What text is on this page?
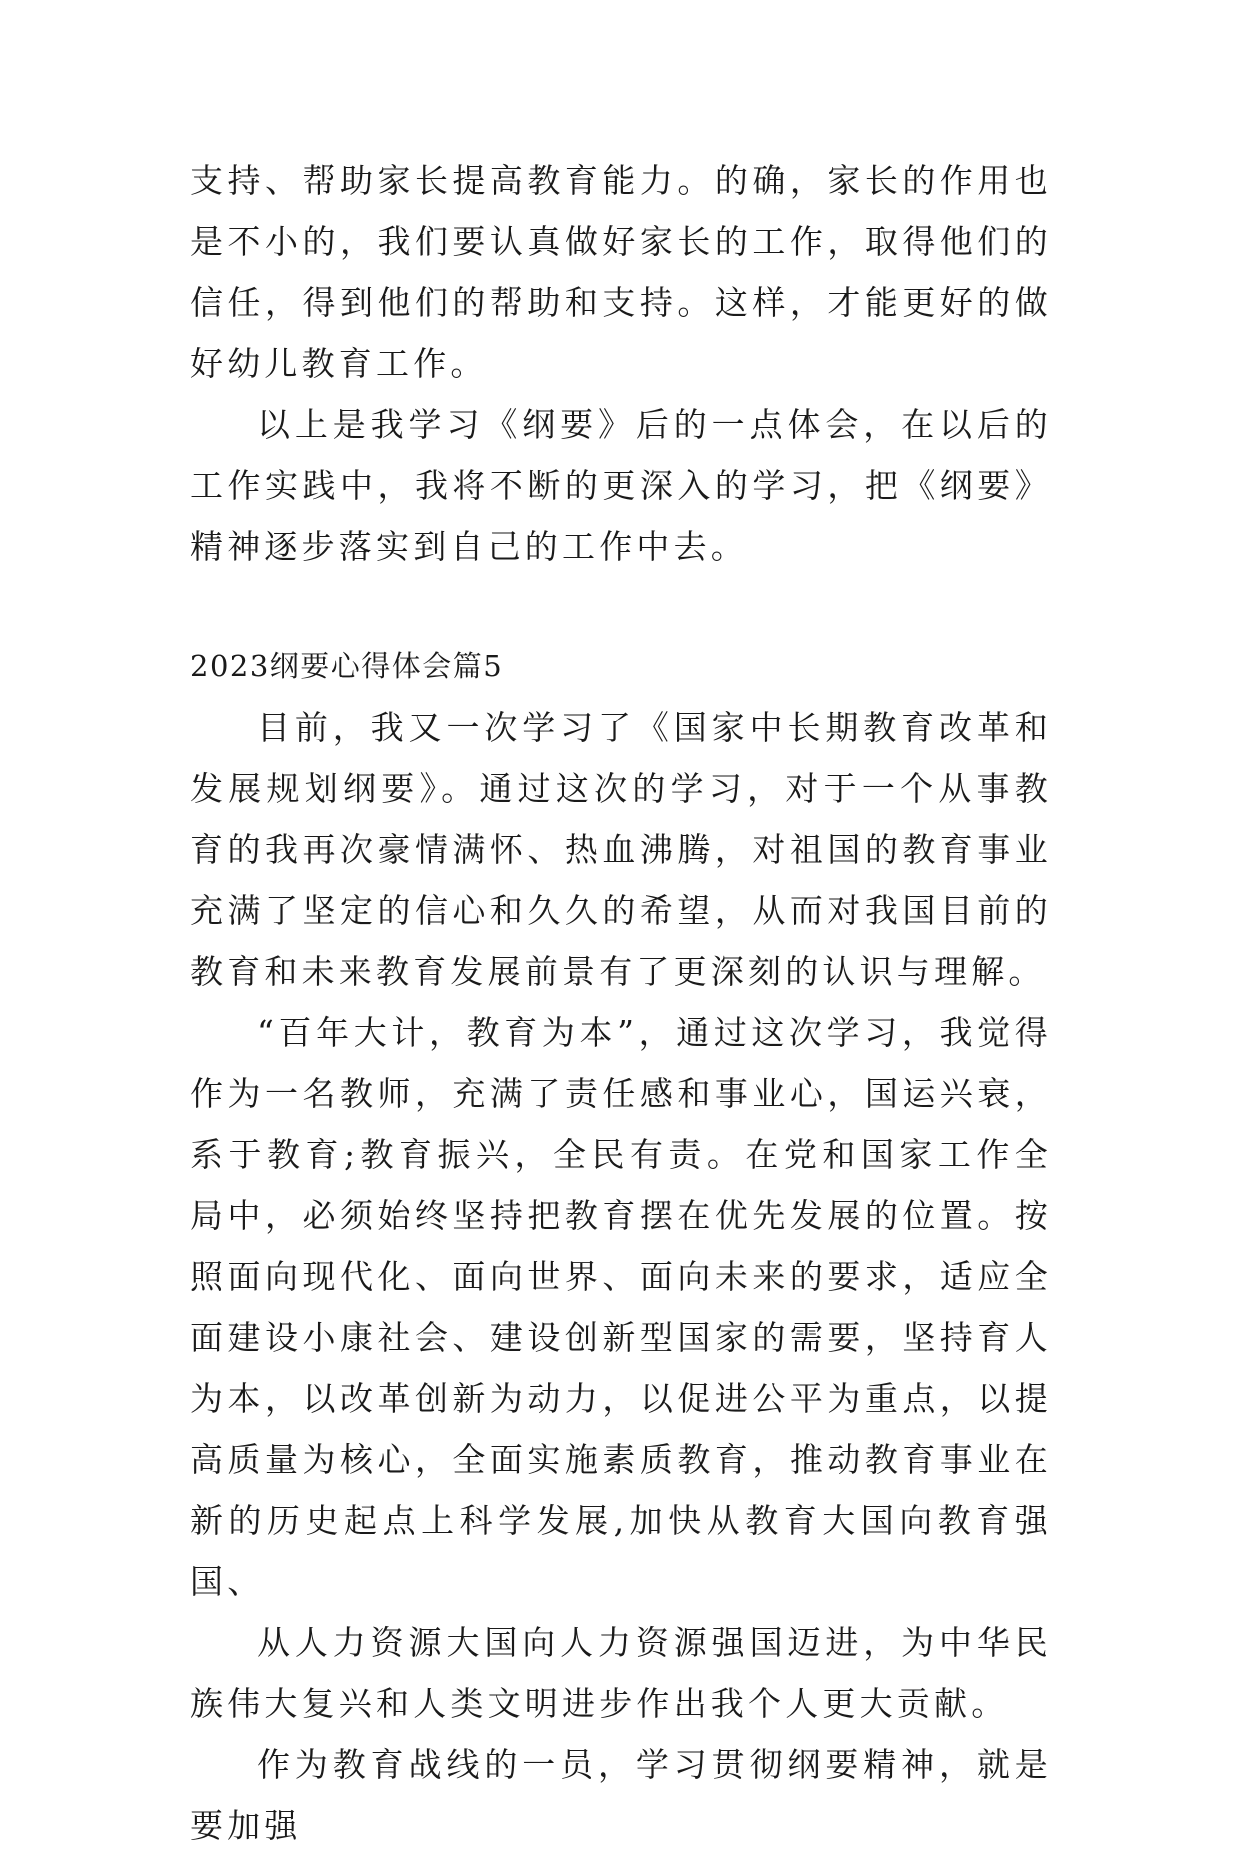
支持、帮助家长提高教育能力。的确，家长的作用也是不小的，我们要认真做好家长的工作，取得他们的信任，得到他们的帮助和支持。这样，才能更好的做好幼儿教育工作。

以上是我学习《纲要》后的一点体会，在以后的工作实践中，我将不断的更深入的学习，把《纲要》精神逐步落实到自己的工作中去。

2023纲要心得体会篇5

目前，我又一次学习了《国家中长期教育改革和发展规划纲要》。通过这次的学习，对于一个从事教育的我再次豪情满怀、热血沸腾，对祖国的教育事业充满了坚定的信心和久久的希望，从而对我国目前的教育和未来教育发展前景有了更深刻的认识与理解。

“百年大计，教育为本”，通过这次学习，我觉得作为一名教师，充满了责任感和事业心，国运兴衰，系于教育;教育振兴，全民有责。在党和国家工作全局中，必须始终坚持把教育摆在优先发展的位置。按照面向现代化、面向世界、面向未来的要求，适应全面建设小康社会、建设创新型国家的需要，坚持育人为本，以改革创新为动力，以促进公平为重点，以提高质量为核心，全面实施素质教育，推动教育事业在新的历史起点上科学发展,加快从教育大国向教育强国、

从人力资源大国向人力资源强国迈进，为中华民族伟大复兴和人类文明进步作出我个人更大贡献。

作为教育战线的一员，学习贯彻纲要精神，就是要加强
